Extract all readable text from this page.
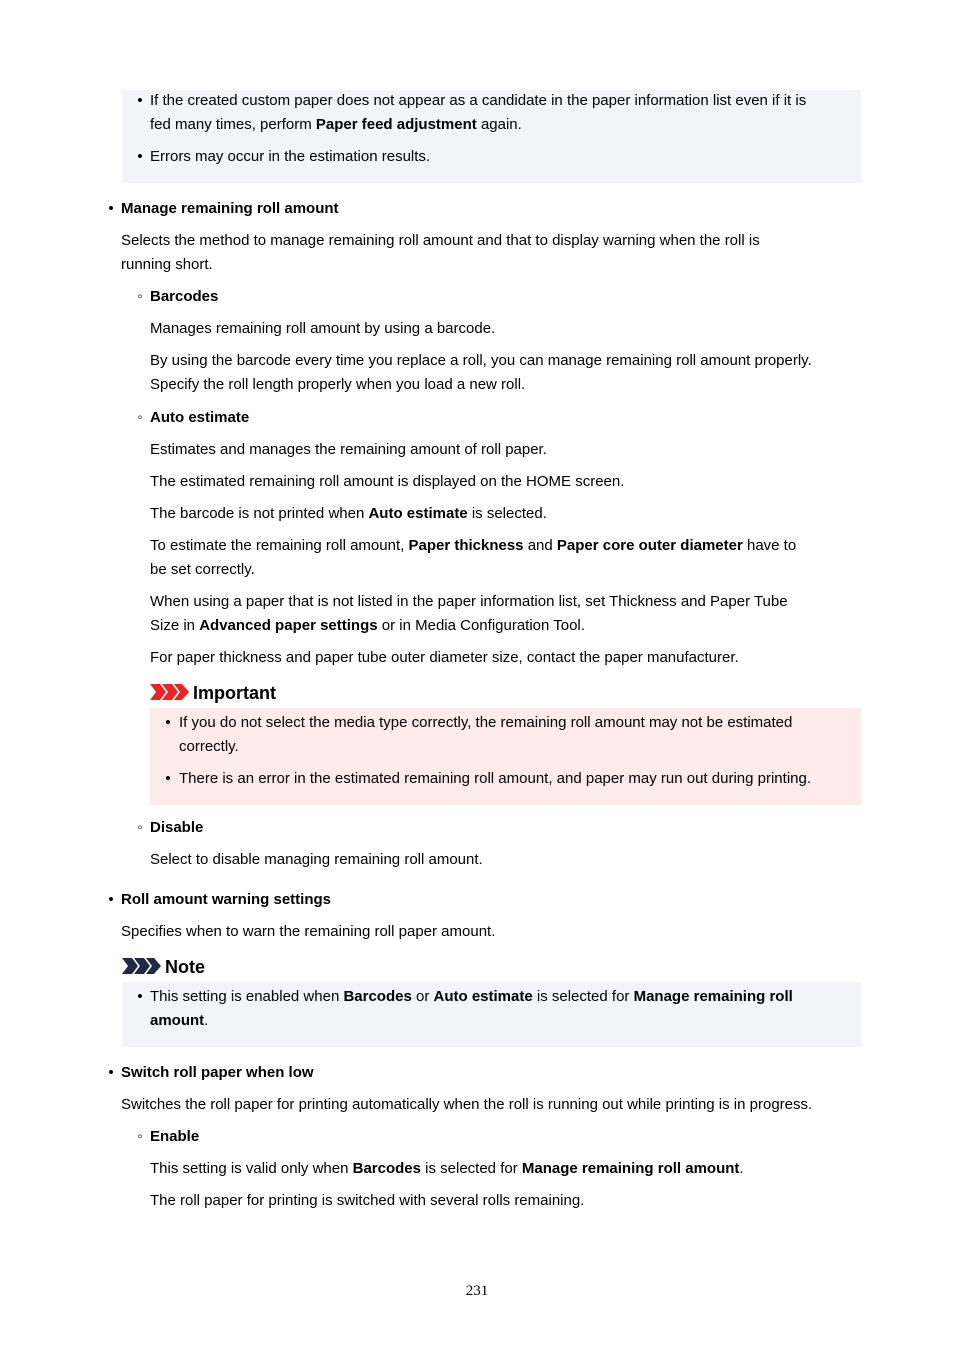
• If the created custom paper does not appear as a candidate in the paper information list even if it is
fed many times, perform Paper feed adjustment again.
• Errors may occur in the estimation results.
• Manage remaining roll amount
Selects the method to manage remaining roll amount and that to display warning when the roll is
running short.
◦ Barcodes
Manages remaining roll amount by using a barcode.
By using the barcode every time you replace a roll, you can manage remaining roll amount properly.
Specify the roll length properly when you load a new roll.
◦ Auto estimate
Estimates and manages the remaining amount of roll paper.
The estimated remaining roll amount is displayed on the HOME screen.
The barcode is not printed when Auto estimate is selected.
To estimate the remaining roll amount, Paper thickness and Paper core outer diameter have to
be set correctly.
When using a paper that is not listed in the paper information list, set Thickness and Paper Tube
Size in Advanced paper settings or in Media Configuration Tool.
For paper thickness and paper tube outer diameter size, contact the paper manufacturer.
Important
• If you do not select the media type correctly, the remaining roll amount may not be estimated
correctly.
• There is an error in the estimated remaining roll amount, and paper may run out during printing.
◦ Disable
Select to disable managing remaining roll amount.
• Roll amount warning settings
Specifies when to warn the remaining roll paper amount.
Note
• This setting is enabled when Barcodes or Auto estimate is selected for Manage remaining roll
amount.
• Switch roll paper when low
Switches the roll paper for printing automatically when the roll is running out while printing is in progress.
◦ Enable
This setting is valid only when Barcodes is selected for Manage remaining roll amount.
The roll paper for printing is switched with several rolls remaining.
231
